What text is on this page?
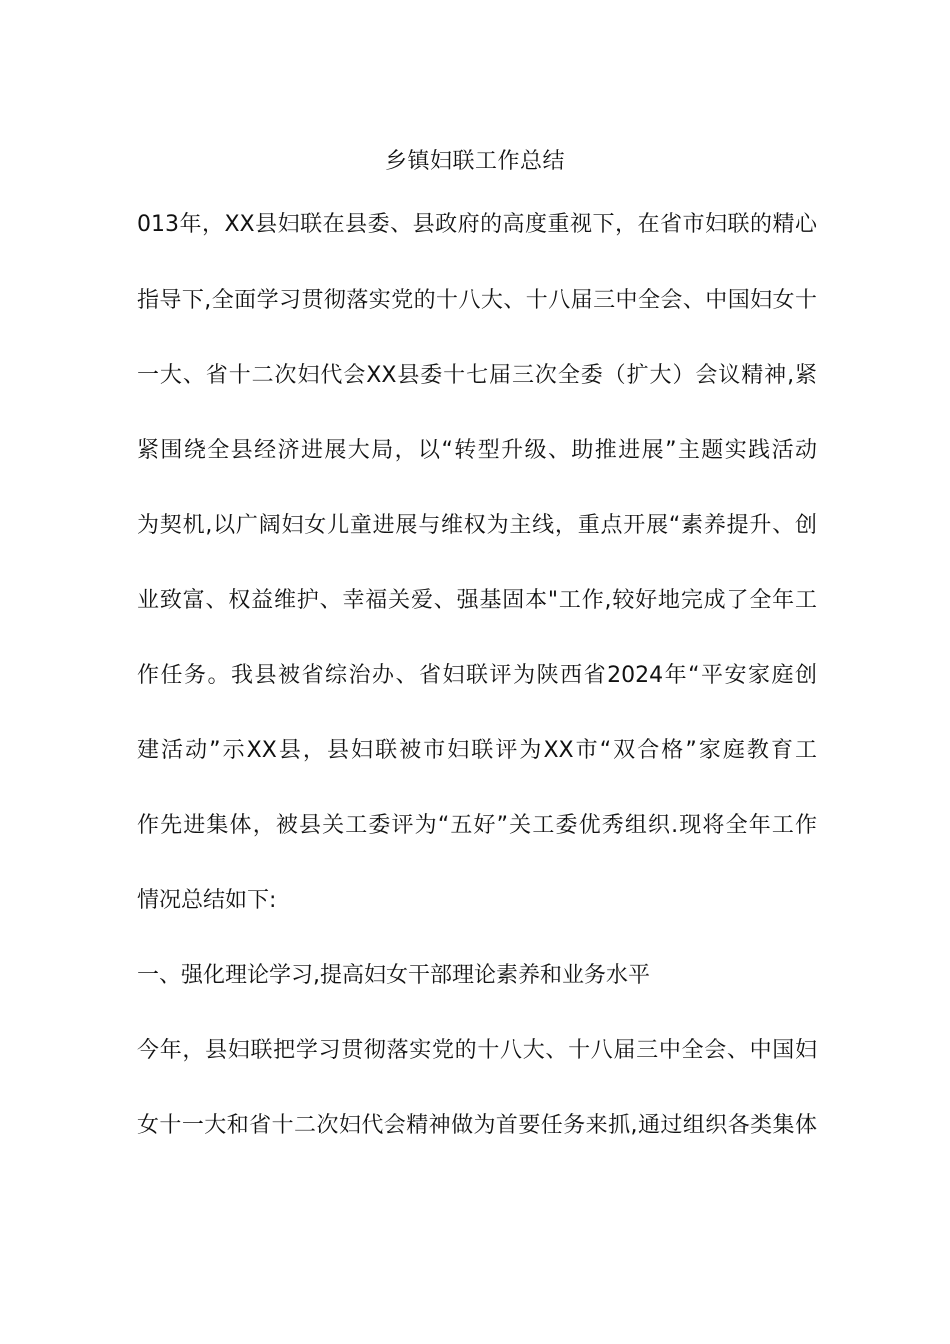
乡镇妇联工作总结
013年，XX县妇联在县委、县政府的高度重视下，在省市妇联的精心
指导下,全面学习贯彻落实党的十八大、十八届三中全会、中国妇女十
一大、省十二次妇代会XX县委十七届三次全委（扩大）会议精神,紧
紧围绕全县经济进展大局，以“转型升级、助推进展”主题实践活动
为契机,以广阔妇女儿童进展与维权为主线，重点开展“素养提升、创
业致富、权益维护、幸福关爱、强基固本"工作,较好地完成了全年工
作任务。我县被省综治办、省妇联评为陕西省2024年“平安家庭创
建活动”示XX县，县妇联被市妇联评为XX市“双合格”家庭教育工
作先进集体，被县关工委评为“五好”关工委优秀组织.现将全年工作
情况总结如下:
一、强化理论学习,提高妇女干部理论素养和业务水平
今年，县妇联把学习贯彻落实党的十八大、十八届三中全会、中国妇
女十一大和省十二次妇代会精神做为首要任务来抓,通过组织各类集体
